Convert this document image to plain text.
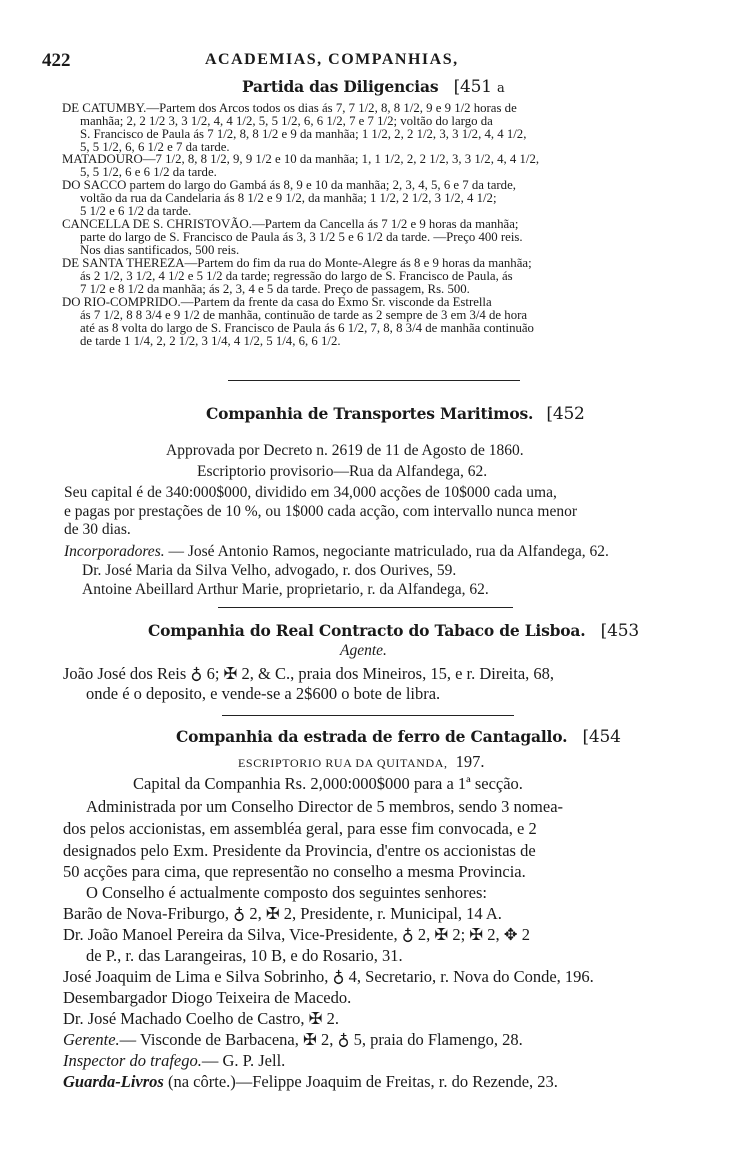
422	ACADEMIAS, COMPANHIAS,
Partida das Diligencias [451 a
DE CATUMBY.—Partem dos Arcos todos os dias ás 7, 7 1/2, 8, 8 1/2, 9 e 9 1/2 horas de
manhãa; 2, 2 1/2 3, 3 1/2, 4, 4 1/2, 5, 5 1/2, 6, 6 1/2, 7 e 7 1/2; voltão do largo da
S. Francisco de Paula ás 7 1/2, 8, 8 1/2 e 9 da manhãa; 1 1/2, 2, 2 1/2, 3, 3 1/2, 4, 4 1/2,
5, 5 1/2, 6, 6 1/2 e 7 da tarde.
MATADOURO—7 1/2, 8, 8 1/2, 9, 9 1/2 e 10 da manhãa; 1, 1 1/2, 2, 2 1/2, 3, 3 1/2, 4, 4 1/2,
5, 5 1/2, 6 e 6 1/2 da tarde.
DO SACCO partem do largo do Gambá ás 8, 9 e 10 da manhãa; 2, 3, 4, 5, 6 e 7 da tarde,
voltão da rua da Candelaria ás 8 1/2 e 9 1/2, da manhãa; 1 1/2, 2 1/2, 3 1/2, 4 1/2;
5 1/2 e 6 1/2 da tarde.
CANCELLA DE S. CHRISTOVÃO.—Partem da Cancella ás 7 1/2 e 9 horas da manhãa;
parte do largo de S. Francisco de Paula ás 3, 3 1/2 5 e 6 1/2 da tarde. —Preço 400 reis.
Nos dias santificados, 500 reis.
DE SANTA THEREZA—Partem do fim da rua do Monte-Alegre ás 8 e 9 horas da manhãa;
ás 2 1/2, 3 1/2, 4 1/2 e 5 1/2 da tarde; regressão do largo de S. Francisco de Paula, ás
7 1/2 e 8 1/2 da manhãa; ás 2, 3, 4 e 5 da tarde. Preço de passagem, Rs. 500.
DO RIO-COMPRIDO.—Partem da frente da casa do Exmo Sr. visconde da Estrella
ás 7 1/2, 8 8 3/4 e 9 1/2 de manhãa, continuão de tarde as 2 sempre de 3 em 3/4 de hora
até as 8 volta do largo de S. Francisco de Paula ás 6 1/2, 7, 8, 8 3/4 de manhãa continuão
de tarde 1 1/4, 2, 2 1/2, 3 1/4, 4 1/2, 5 1/4, 6, 6 1/2.
Companhia de Transportes Maritimos. [452
Approvada por Decreto n. 2619 de 11 de Agosto de 1860.
Escriptorio provisorio—Rua da Alfandega, 62.
Seu capital é de 340:000$000, dividido em 34,000 acções de 10$000 cada uma,
e pagas por prestações de 10 %, ou 1$000 cada acção, com intervallo nunca menor
de 30 dias.
Incorporadores. — José Antonio Ramos, negociante matriculado, rua da Alfandega, 62.
Dr. José Maria da Silva Velho, advogado, r. dos Ourives, 59.
Antoine Abeillard Arthur Marie, proprietario, r. da Alfandega, 62.
Companhia do Real Contracto do Tabaco de Lisboa. [453
Agente.
João José dos Reis ♁ 6; ✠ 2, & C., praia dos Mineiros, 15, e r. Direita, 68,
onde é o deposito, e vende-se a 2$600 o bote de libra.
Companhia da estrada de ferro de Cantagallo. [454
ESCRIPTORIO RUA DA QUITANDA, 197.
Capital da Companhia Rs. 2,000:000$000 para a 1ª secção.
Administrada por um Conselho Director de 5 membros, sendo 3 nomea-
dos pelos accionistas, em assembléa geral, para esse fim convocada, e 2
designados pelo Exm. Presidente da Provincia, d'entre os accionistas de
50 acções para cima, que representão no conselho a mesma Provincia.
O Conselho é actualmente composto dos seguintes senhores:
Barão de Nova-Friburgo, ♁ 2, ✠ 2, Presidente, r. Municipal, 14 A.
Dr. João Manoel Pereira da Silva, Vice-Presidente, ♁ 2, ✠ 2; ✠ 2, ✥ 2
de P., r. das Larangeiras, 10 B, e do Rosario, 31.
José Joaquim de Lima e Silva Sobrinho, ♁ 4, Secretario, r. Nova do Conde, 196.
Desembargador Diogo Teixeira de Macedo.
Dr. José Machado Coelho de Castro, ✠ 2.
Gerente.— Visconde de Barbacena, ✠ 2, ♁ 5, praia do Flamengo, 28.
Inspector do trafego.— G. P. Jell.
Guarda-Livros (na côrte.)—Felippe Joaquim de Freitas, r. do Rezende, 23.
